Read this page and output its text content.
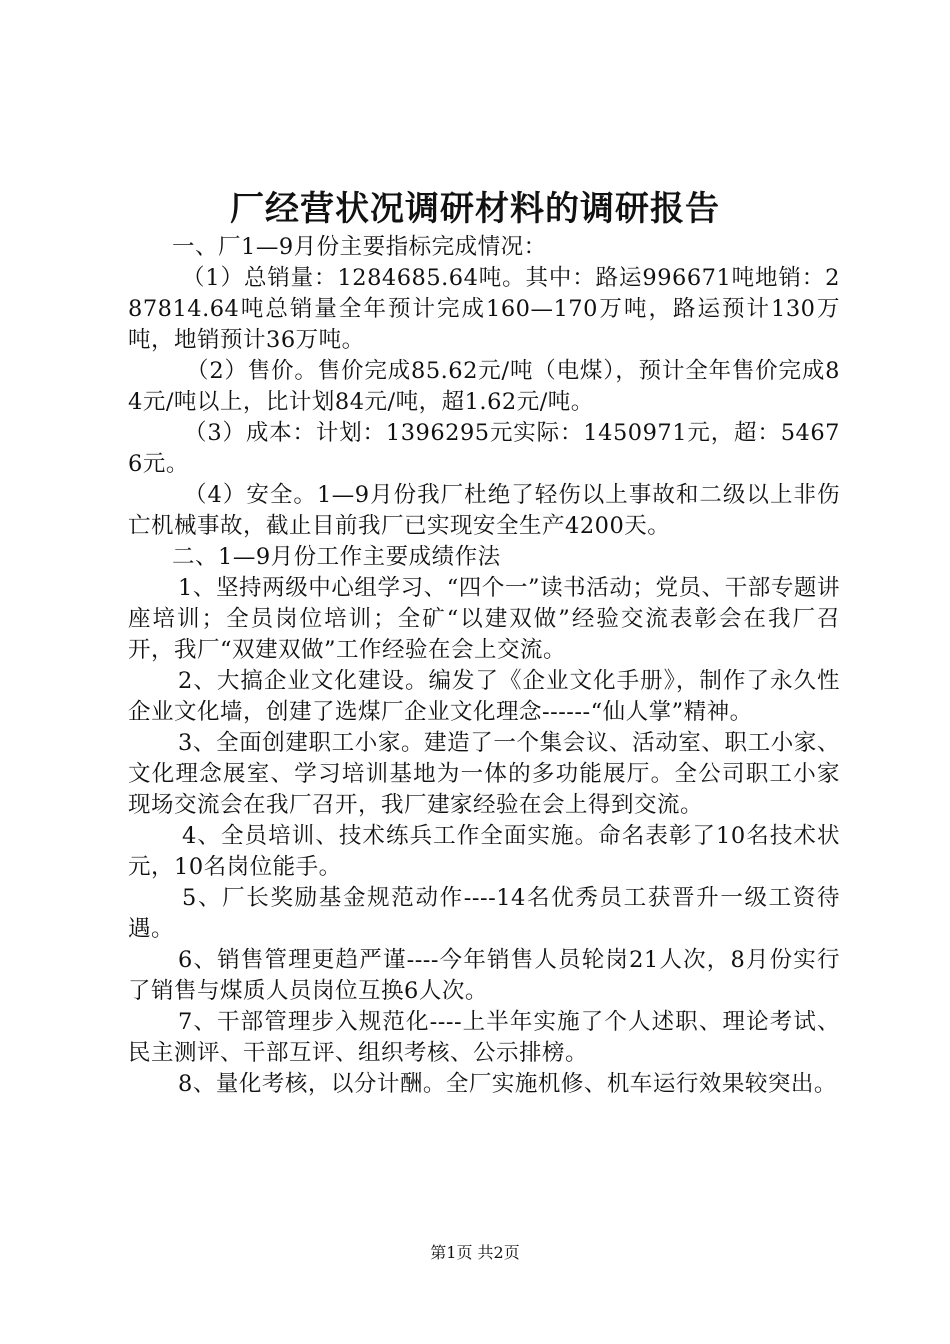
厂经营状况调研材料的调研报告

一、厂1—9月份主要指标完成情况：

（1）总销量：1284685.64吨。其中：路运996671吨地销：287814.64吨总销量全年预计完成160—170万吨，路运预计130万吨，地销预计36万吨。

（2）售价。售价完成85.62元/吨（电煤），预计全年售价完成84元/吨以上，比计划84元/吨，超1.62元/吨。

（3）成本：计划：1396295元实际：1450971元，超：54676元。

（4）安全。1—9月份我厂杜绝了轻伤以上事故和二级以上非伤亡机械事故，截止目前我厂已实现安全生产4200天。

二、1—9月份工作主要成绩作法

1、坚持两级中心组学习、“四个一”读书活动；党员、干部专题讲座培训；全员岗位培训；全矿“以建双做”经验交流表彰会在我厂召开，我厂“双建双做”工作经验在会上交流。

2、大搞企业文化建设。编发了《企业文化手册》，制作了永久性企业文化墙，创建了选煤厂企业文化理念------“仙人掌”精神。

3、全面创建职工小家。建造了一个集会议、活动室、职工小家、文化理念展室、学习培训基地为一体的多功能展厅。全公司职工小家现场交流会在我厂召开，我厂建家经验在会上得到交流。

4、全员培训、技术练兵工作全面实施。命名表彰了10名技术状元，10名岗位能手。

5、厂长奖励基金规范动作----14名优秀员工获晋升一级工资待遇。

6、销售管理更趋严谨----今年销售人员轮岗21人次，8月份实行了销售与煤质人员岗位互换6人次。

7、干部管理步入规范化----上半年实施了个人述职、理论考试、民主测评、干部互评、组织考核、公示排榜。

8、量化考核，以分计酬。全厂实施机修、机车运行效果较突出。

第1页 共2页
